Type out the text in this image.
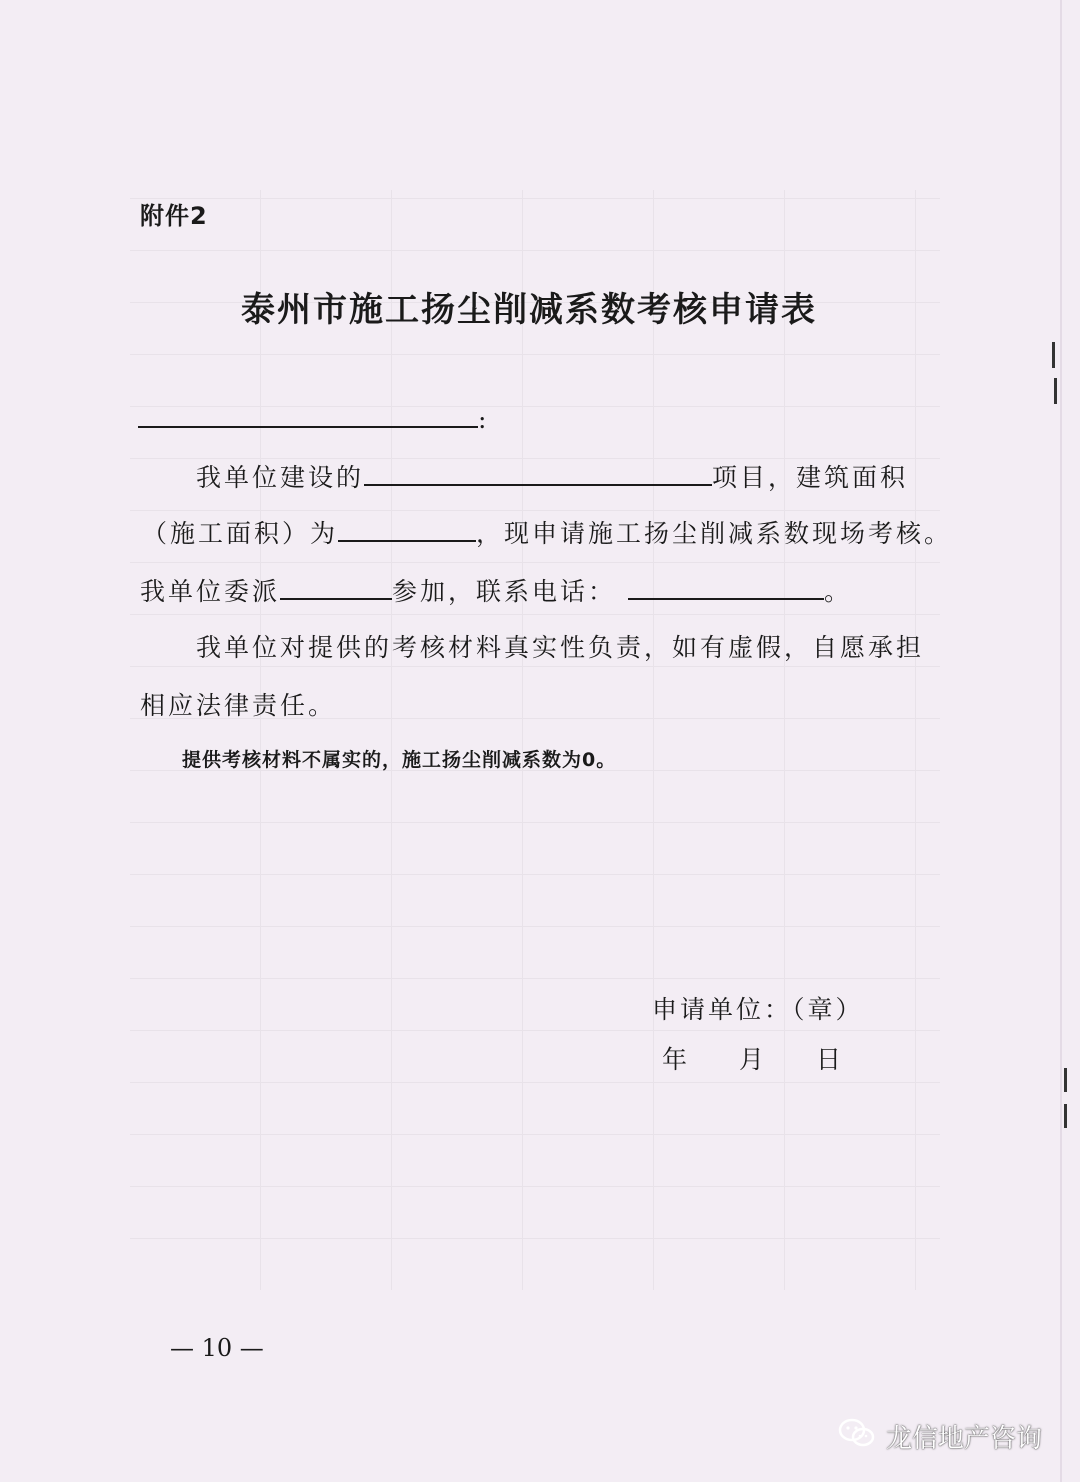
附件2
泰州市施工扬尘削减系数考核申请表
:
我单位建设的	项目，建筑面积
（施工面积）为	，现申请施工扬尘削减系数现场考核。
我单位委派	参加，联系电话：	。
我单位对提供的考核材料真实性负责，如有虚假，自愿承担
相应法律责任。
提供考核材料不属实的，施工扬尘削减系数为0。
申请单位：（章）
年 月 日
— 10 —
龙信地产咨询
